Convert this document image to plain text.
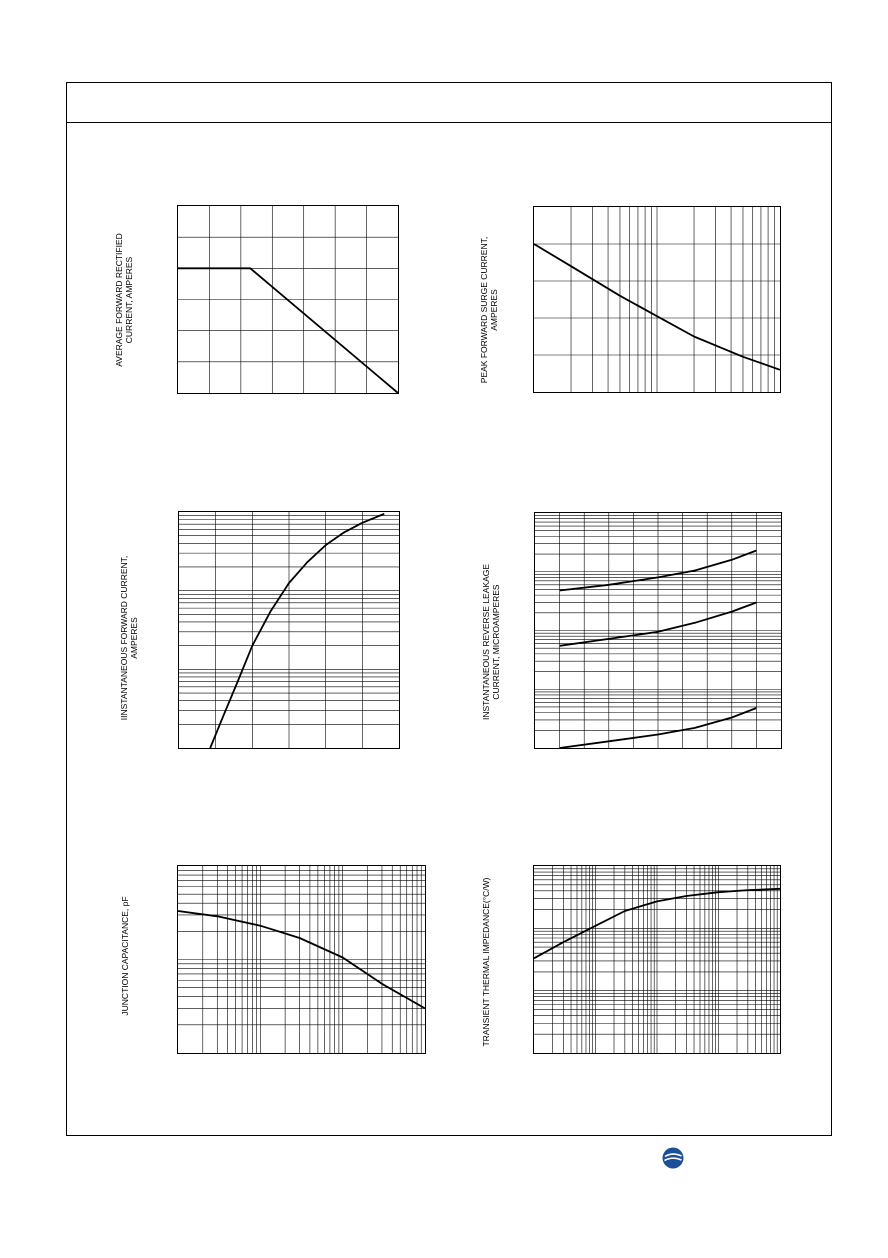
AVERAGE FORWARD RECTIFIED
CURRENT, AMPERES
PEAK FORWARD SURGE CURRENT,
AMPERES
IINSTANTANEOUS FORWARD CURRENT,
AMPERES
INSTANTANEOUS REVERSE LEAKAGE
CURRENT, MICROAMPERES
JUNCTION CAPACITANCE, pF	TRANSIENT THERMAL IMPEDANCE(°C/W)
